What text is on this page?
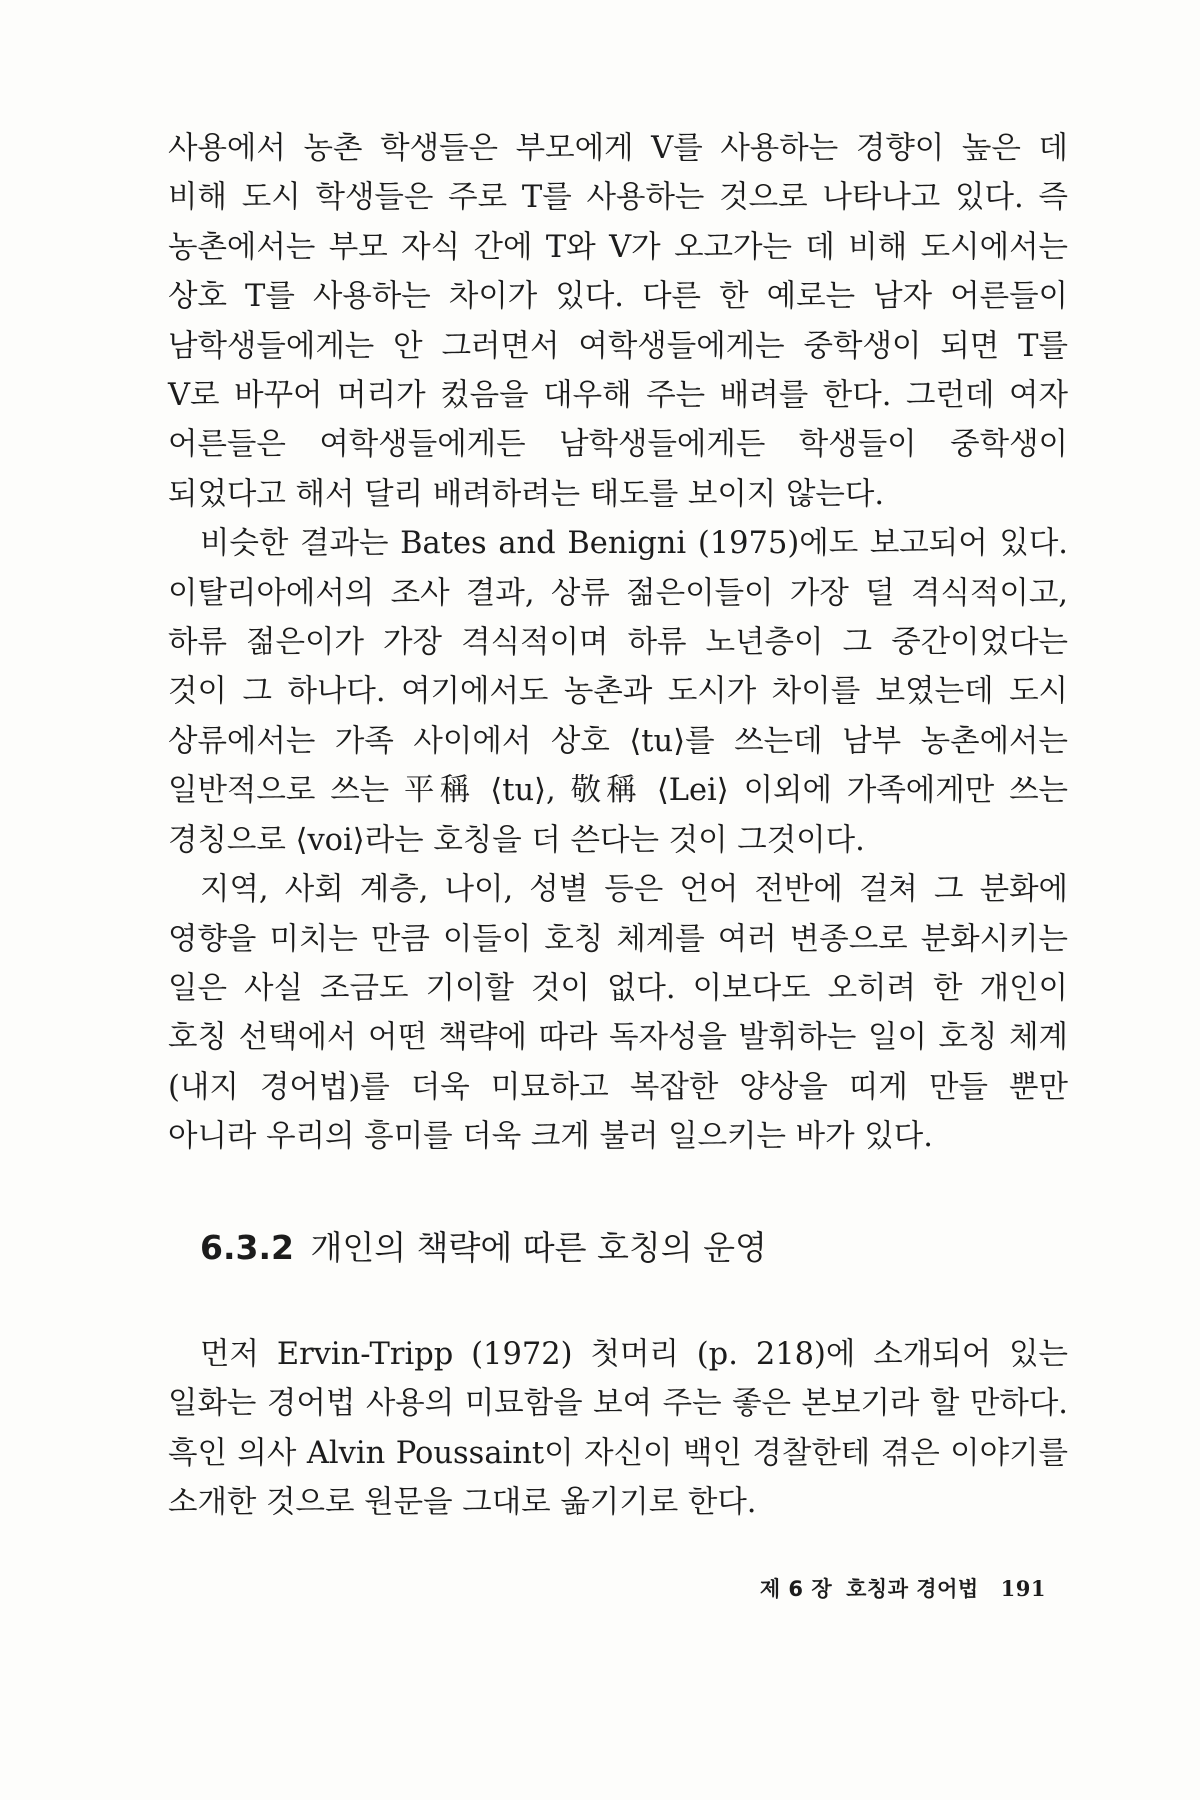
사용에서 농촌 학생들은 부모에게 V를 사용하는 경향이 높은 데 비해 도시 학생들은 주로 T를 사용하는 것으로 나타나고 있다. 즉 농촌에서는 부모 자식 간에 T와 V가 오고가는 데 비해 도시에서는 상호 T를 사용하는 차이가 있다. 다른 한 예로는 남자 어른들이 남학생들에게는 안 그러면서 여학생들에게는 중학생이 되면 T를 V로 바꾸어 머리가 컸음을 대우해 주는 배려를 한다. 그런데 여자 어른들은 여학생들에게든 남학생들에게든 학생들이 중학생이 되었다고 해서 달리 배려하려는 태도를 보이지 않는다.

비슷한 결과는 Bates and Benigni (1975)에도 보고되어 있다. 이탈리아에서의 조사 결과, 상류 젊은이들이 가장 덜 격식적이고, 하류 젊은이가 가장 격식적이며 하류 노년층이 그 중간이었다는 것이 그 하나다. 여기에서도 농촌과 도시가 차이를 보였는데 도시 상류에서는 가족 사이에서 상호 ⟨tu⟩를 쓰는데 남부 농촌에서는 일반적으로 쓰는 平稱 ⟨tu⟩, 敬稱 ⟨Lei⟩ 이외에 가족에게만 쓰는 경칭으로 ⟨voi⟩라는 호칭을 더 쓴다는 것이 그것이다.

지역, 사회 계층, 나이, 성별 등은 언어 전반에 걸쳐 그 분화에 영향을 미치는 만큼 이들이 호칭 체계를 여러 변종으로 분화시키는 일은 사실 조금도 기이할 것이 없다. 이보다도 오히려 한 개인이 호칭 선택에서 어떤 책략에 따라 독자성을 발휘하는 일이 호칭 체계 (내지 경어법)를 더욱 미묘하고 복잡한 양상을 띠게 만들 뿐만 아니라 우리의 흥미를 더욱 크게 불러 일으키는 바가 있다.

6.3.2 개인의 책략에 따른 호칭의 운영

먼저 Ervin-Tripp (1972) 첫머리 (p. 218)에 소개되어 있는 일화는 경어법 사용의 미묘함을 보여 주는 좋은 본보기라 할 만하다. 흑인 의사 Alvin Poussaint이 자신이 백인 경찰한테 겪은 이야기를 소개한 것으로 원문을 그대로 옮기기로 한다.

제 6 장 호칭과 경어법 191
